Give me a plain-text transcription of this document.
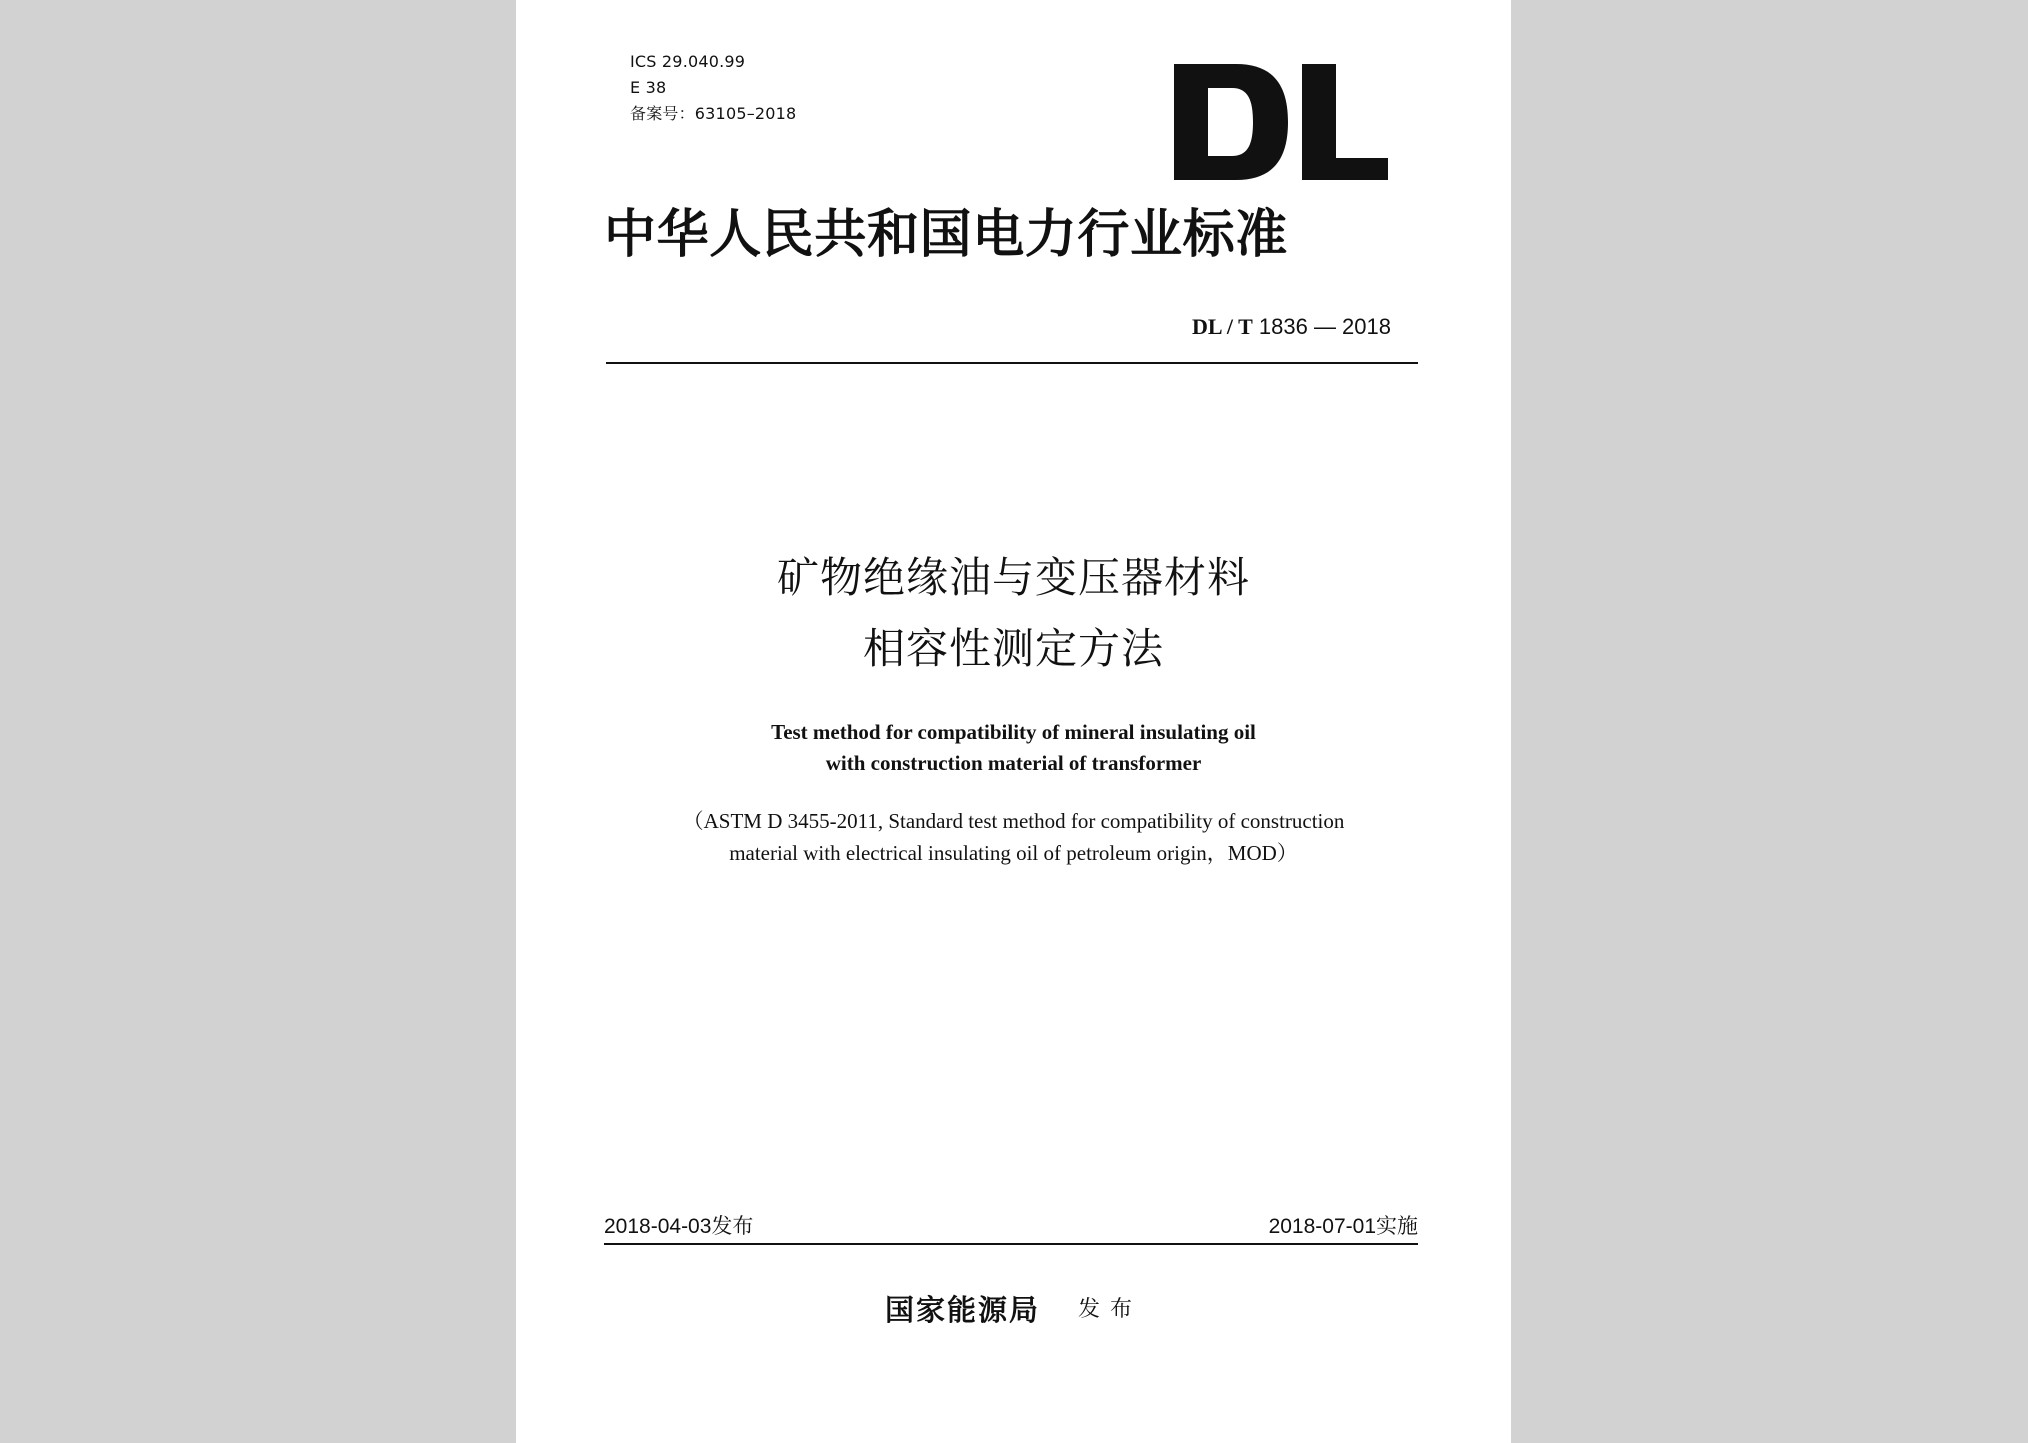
ICS 29.040.99
E 38
备案号：63105–2018
中华人民共和国电力行业标准
DL / T 1836 — 2018
矿物绝缘油与变压器材料
相容性测定方法
Test method for compatibility of mineral insulating oil
with construction material of transformer
（ASTM D 3455-2011, Standard test method for compatibility of construction
material with electrical insulating oil of petroleum origin，MOD）
2018-04-03发布	2018-07-01实施
国家能源局 发布
